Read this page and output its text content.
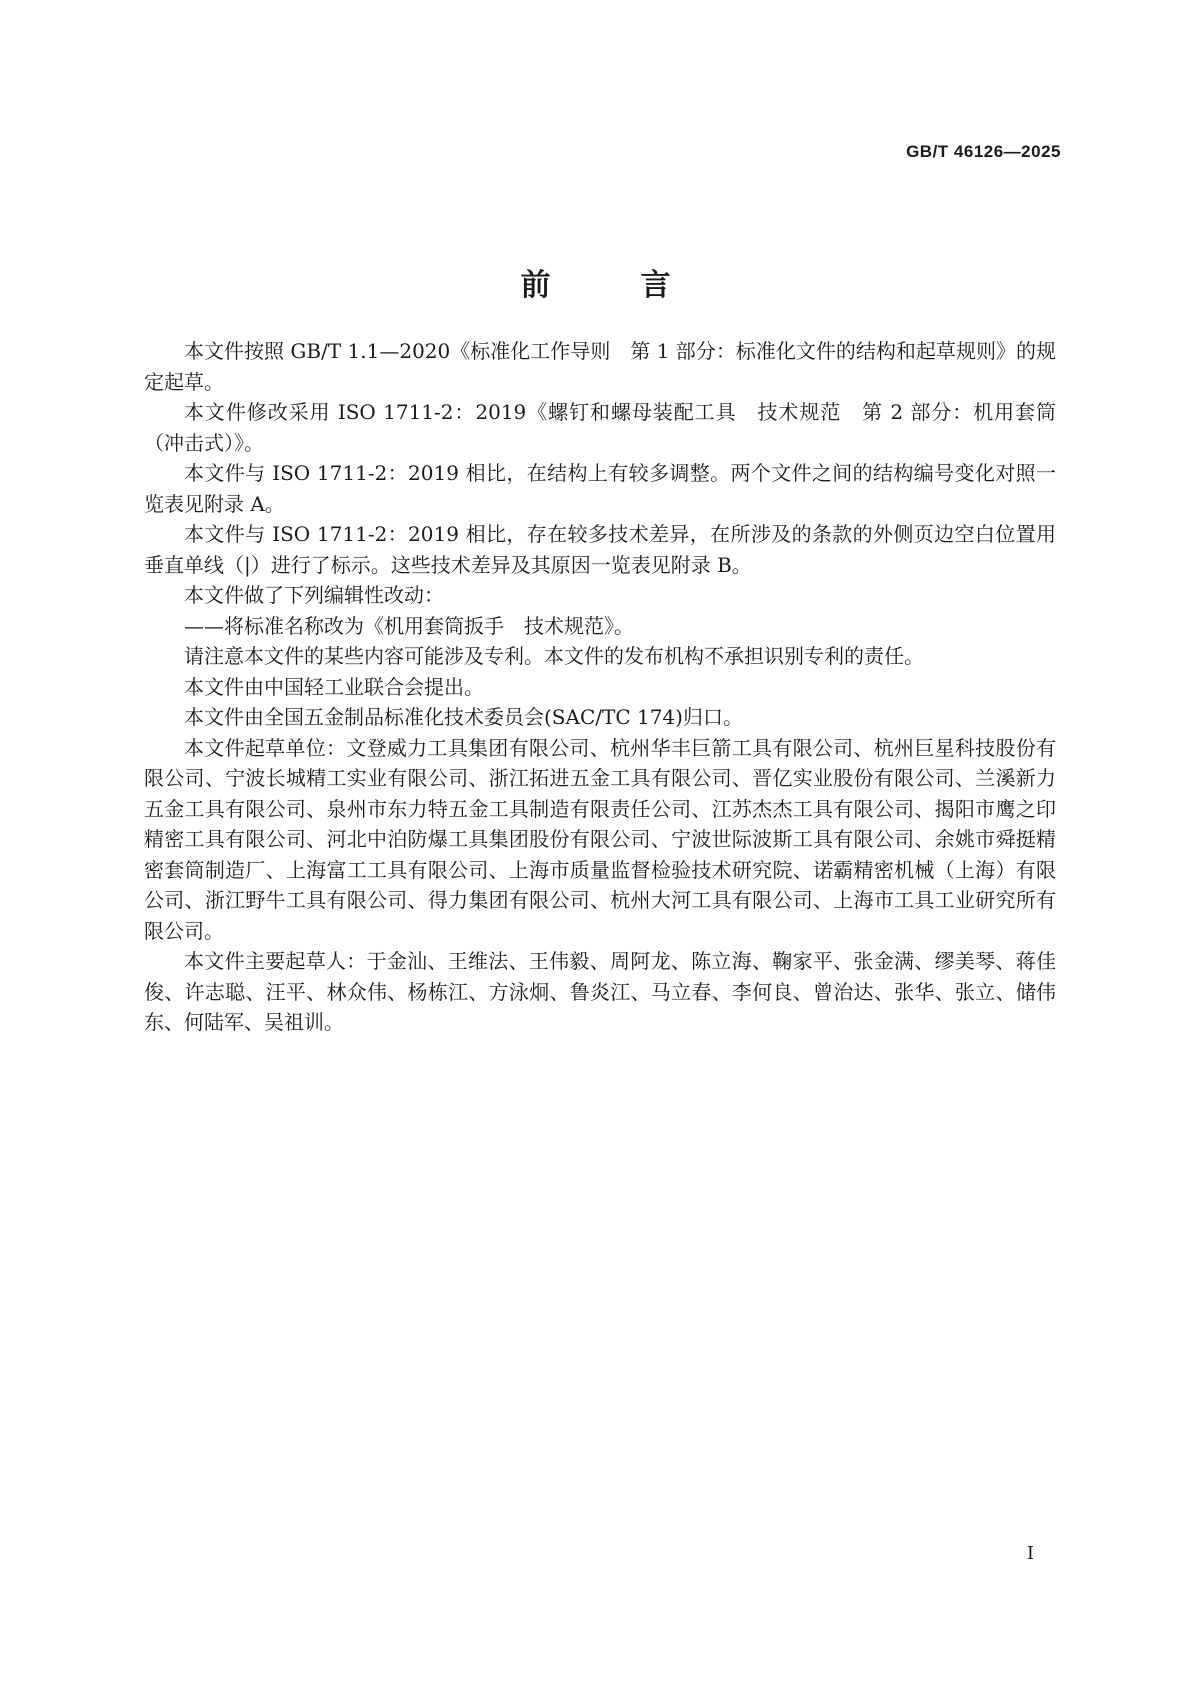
GB/T 46126—2025
前　言

本文件按照 GB/T 1.1—2020《标准化工作导则　第 1 部分：标准化文件的结构和起草规则》的规定起草。

本文件修改采用 ISO 1711-2：2019《螺钉和螺母装配工具　技术规范　第 2 部分：机用套筒（冲击式）》。

本文件与 ISO 1711-2：2019 相比，在结构上有较多调整。两个文件之间的结构编号变化对照一览表见附录 A。

本文件与 ISO 1711-2：2019 相比，存在较多技术差异，在所涉及的条款的外侧页边空白位置用垂直单线（|）进行了标示。这些技术差异及其原因一览表见附录 B。

本文件做了下列编辑性改动：

——将标准名称改为《机用套筒扳手　技术规范》。

请注意本文件的某些内容可能涉及专利。本文件的发布机构不承担识别专利的责任。

本文件由中国轻工业联合会提出。

本文件由全国五金制品标准化技术委员会(SAC/TC 174)归口。

本文件起草单位：文登威力工具集团有限公司、杭州华丰巨箭工具有限公司、杭州巨星科技股份有限公司、宁波长城精工实业有限公司、浙江拓进五金工具有限公司、晋亿实业股份有限公司、兰溪新力五金工具有限公司、泉州市东力特五金工具制造有限责任公司、江苏杰杰工具有限公司、揭阳市鹰之印精密工具有限公司、河北中泊防爆工具集团股份有限公司、宁波世际波斯工具有限公司、余姚市舜挺精密套筒制造厂、上海富工工具有限公司、上海市质量监督检验技术研究院、诺霸精密机械（上海）有限公司、浙江野牛工具有限公司、得力集团有限公司、杭州大河工具有限公司、上海市工具工业研究所有限公司。

本文件主要起草人：于金汕、王维法、王伟毅、周阿龙、陈立海、鞠家平、张金满、缪美琴、蒋佳俊、许志聪、汪平、林众伟、杨栋江、方泳炯、鲁炎江、马立春、李何良、曾治达、张华、张立、储伟东、何陆军、吴祖训。

I
